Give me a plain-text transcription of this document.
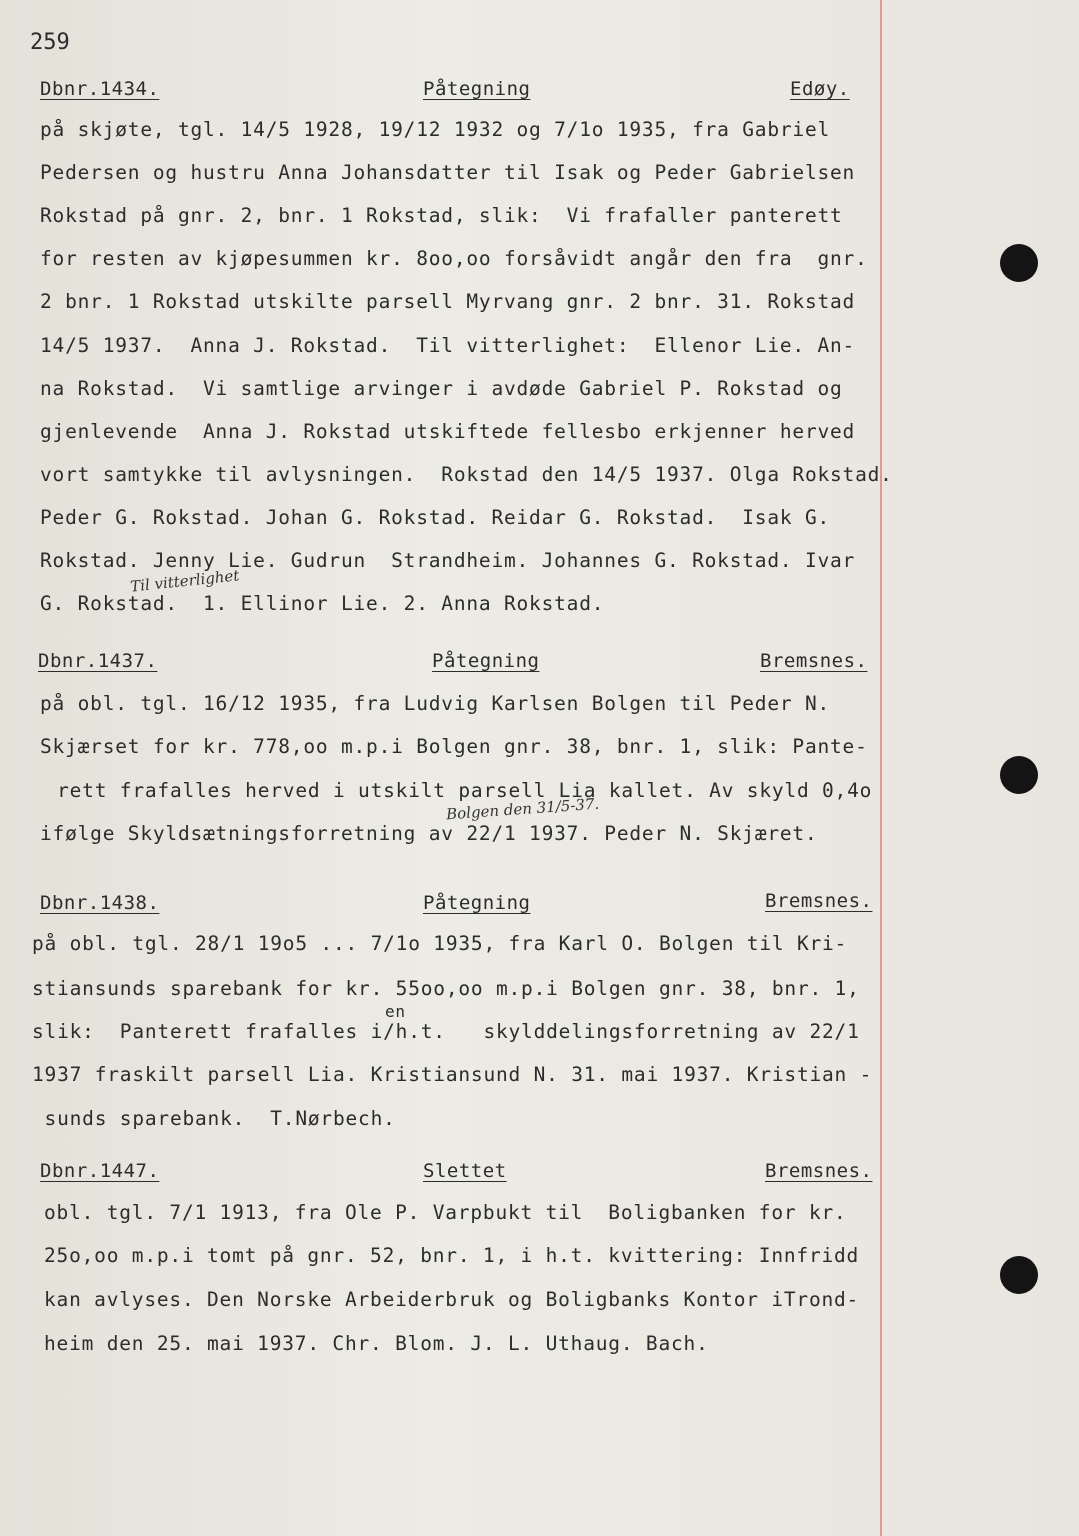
259
Dbnr.1434.	Påtegning	Edøy.
på skjøte, tgl. 14/5 1928, 19/12 1932 og 7/1o 1935, fra Gabriel
Pedersen og hustru Anna Johansdatter til Isak og Peder Gabrielsen
Rokstad på gnr. 2, bnr. 1 Rokstad, slik:  Vi frafaller panterett
for resten av kjøpesummen kr. 8oo,oo forsåvidt angår den fra  gnr.
2 bnr. 1 Rokstad utskilte parsell Myrvang gnr. 2 bnr. 31. Rokstad
14/5 1937.  Anna J. Rokstad.  Til vitterlighet:  Ellenor Lie. An-
na Rokstad.  Vi samtlige arvinger i avdøde Gabriel P. Rokstad og
gjenlevende  Anna J. Rokstad utskiftede fellesbo erkjenner herved
vort samtykke til avlysningen.  Rokstad den 14/5 1937. Olga Rokstad.
Peder G. Rokstad. Johan G. Rokstad. Reidar G. Rokstad.  Isak G.
Rokstad. Jenny Lie. Gudrun  Strandheim. Johannes G. Rokstad. Ivar
Til vitterlighet
G. Rokstad.  1. Ellinor Lie. 2. Anna Rokstad.
Dbnr.1437.	Påtegning	Bremsnes.
på obl. tgl. 16/12 1935, fra Ludvig Karlsen Bolgen til Peder N.
Skjærset for kr. 778,oo m.p.i Bolgen gnr. 38, bnr. 1, slik: Pante-
rett frafalles herved i utskilt parsell Lia kallet. Av skyld 0,4o
Bolgen den 31/5-37.
ifølge Skyldsætningsforretning av 22/1 1937. Peder N. Skjæret.
Dbnr.1438.	Påtegning	Bremsnes.
på obl. tgl. 28/1 19o5 ... 7/1o 1935, fra Karl O. Bolgen til Kri-
stiansunds sparebank for kr. 55oo,oo m.p.i Bolgen gnr. 38, bnr. 1,
en
slik:  Panterett frafalles i/h.t.   skylddelingsforretning av 22/1
1937 fraskilt parsell Lia. Kristiansund N. 31. mai 1937. Kristian -
sunds sparebank.  T.Nørbech.
Dbnr.1447.	Slettet	Bremsnes.
obl. tgl. 7/1 1913, fra Ole P. Varpbukt til  Boligbanken for kr.
25o,oo m.p.i tomt på gnr. 52, bnr. 1, i h.t. kvittering: Innfridd
kan avlyses. Den Norske Arbeiderbruk og Boligbanks Kontor iTrond-
heim den 25. mai 1937. Chr. Blom. J. L. Uthaug. Bach.
